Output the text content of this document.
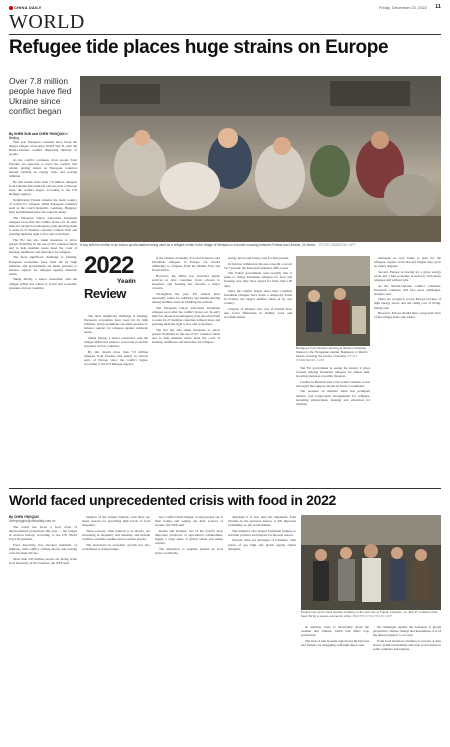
CHINA DAILY	Friday, December 23, 2022 11
WORLD
Refugee tide places huge strains on Europe
Over 7.8 million people have fled Ukraine since conflict began
By SHEN SUN and CHEN YINGQUN in Beijing

This year European countries have faced the largest refugee crisis since World War II, with the Russia-Ukraine conflict displacing millions of people.

As the conflict continues, more people from Ukraine are expected to leave the country this winter, putting strains on European countries already battling an energy crisis and soaring inflation.

By this month more than 7.8 million refugees from Ukraine had settled in various parts of Europe since the conflict began, according to the UN Refugee Agency.

Neighboring Poland remains the main country of arrival for refugees. Other European countries such as the Czech Republic, Germany, Hungary, Italy and Romania have also taken in many.

The European Union welcomed Ukrainian refugees soon after the conflict broke out. In early March it adopted an emergency plan allowing them to enter its 27 member countries without visas and granting them the right to live and work there.

The EU has also taken measures to allow greater flexibility in the use of EU cohesion funds and to help member states meet the costs of housing, healthcare and education for refugees.

The most significant challenge is funding. European economies have been hit by high inflation, and governments are under pressure to balance support for refugees against domestic needs.

Sheng Zhong, a senior researcher, said the refugee influx has added to social and economic pressures in host countries.

A boy with his mother in an indoor sports stadium being used as a refugee center in the village of Medyka on a border crossing between Poland and Ukraine, 24 March. PETER ZAWADZKI / AFP
2022
Year in
Review

The most significant challenge is funding. European economies have been hit by high inflation, and governments are under pressure to balance support for refugees against domestic needs.

Sheng Zhong, a senior researcher, said the refugee influx has added to social and economic pressures in host countries.

By this month more than 7.8 million refugees from Ukraine had settled in various parts of Europe since the conflict began, according to the UN Refugee Agency.

at the Chinese Academy of Social Sciences, said Ukrainian refugees in Europe are treated differently to refugees from the Middle East and North Africa.

However, the influx has stretched public services in host countries, from schools to hospitals, and housing has become a major concern.

Throughout the year, EU leaders have repeatedly called for solidarity and burden-sharing among member states in handling the arrivals.

The European Union welcomed Ukrainian refugees soon after the conflict broke out. In early March it adopted an emergency plan allowing them to enter its 27 member countries without visas and granting them the right to live and work there.

The EU has also taken measures to allow greater flexibility in the use of EU cohesion funds and to help member states meet the costs of housing, healthcare and education for refugees.

energy prices and living costs for their people.

In October inflation in the euro area hit a record 10.7 percent, the European Statistics Office said.

The Polish government said recently that it plans to charge Ukrainian refugees for food and housing once they have stayed for more than 120 days.

Since the conflict began, more than a million Ukrainian refugees have made a temporary home in Poland, the largest number taken in by any country.

Citizens of Ukraine who stay in Poland have also faced difficulties in finding work and accommodation.

Refugees from Ukraine arriving at Western Railway Station in the Hungarian capital, Budapest, in March, before crossing the border of Austria. ATTILA KISBENEDEK / AFP

The EU government is seeing the money it gives towards helping Ukrainian refugees for almost half, boosting pressures on public finances.

Leaders in Brussels said costs would continue to rise and urged that support should be better coordinated.

The pressure on member states has prompted debates over longer-term arrangements for refugees, including employment, housing and education for children.

Although no way home is seen for the refugees, experts warn that aid fatigue may grow as winter deepens.

Second, Europe is bracing for a grave energy crisis and a fuel economic slowdown, with many refugees still without jobs.

As the Russia-Ukraine conflict continues, European countries will face more challenges, analysts said.

There are prospects across Europe because of high energy prices and the rising cost of living, Sheng said.

However, Europe should take a long-term view of the refugee issue, she added.

World faced unprecedented crisis with food in 2022
By CHEN YINGQUN
chenyingqun@chinadaily.com.cn

The world has faced a food crisis of unprecedented proportions this year — the largest in modern history, according to the UN World Food Programme.

Food insecurity has shocked hundreds of millions, with conflict, climate shocks and soaring costs the main drivers.

More than 345 million people are facing acute food insecurity in 82 countries, the WFP said.

nization of the United Nations, said there are many reasons for prevailing high levels of food insecurity.

Those reasons, often referred to as drivers, are increasing in frequency and intensity, and include conflicts, extreme weather and economic shocks.

The slowdown in economic growth has also contributed to rising hunger.

how conflict feeds hunger, forcing people out of their homes and wiping out their sources of income, the WFP said.

Russia and Ukraine, two of the world's most important producers of agricultural commodities, supply a large share of global wheat and maize exports.

The disruption to supplies pushed up food prices worldwide.

Although it is less than the shipments from Ukraine in the previous season, it still improves availability on the world market.

The initiative also helped Ukrainian farmers to sell their produce and prepare for the next season.

Overall, there are shortages of fertilizers, with prices of gas high and global supply chains disrupted.

People line up for food outside a bakery in the port city of Tripoli, Lebanon, on July 27. Lebanon has been hit by a severe economic crisis. IBRAHIM CHALHOUB / AFP

In addition, there is uncertainty about the weather and climate, which will affect crop production.

The lack of rain in some regions has hit harvests and farmers are struggling with high input costs.

the challenges against the backdrop of global geopolitics, climate change and inequalities, it is of the utmost urgency to act now.

If the food situation continues to worsen, it may lead to political instability and even social unrest in some countries and regions.
